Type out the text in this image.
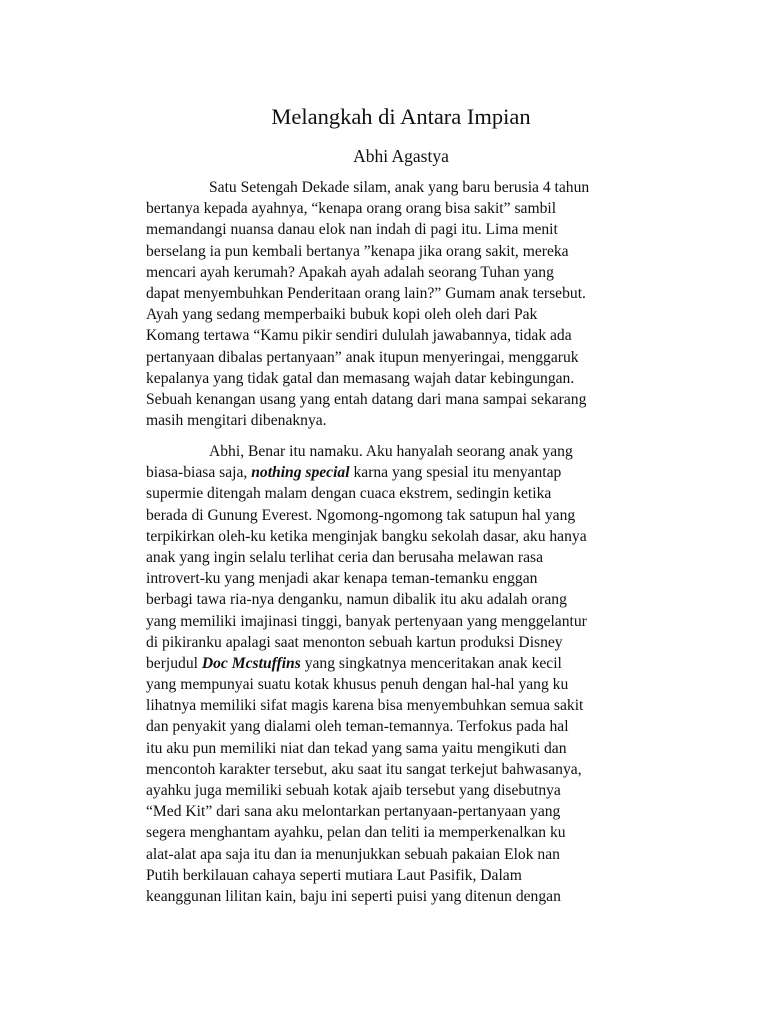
Melangkah di Antara Impian
Abhi Agastya
Satu Setengah Dekade silam, anak yang baru berusia 4 tahun
bertanya kepada ayahnya, “kenapa orang orang bisa sakit” sambil
memandangi nuansa danau elok nan indah di pagi itu. Lima menit
berselang ia pun kembali bertanya ”kenapa jika orang sakit, mereka
mencari ayah kerumah? Apakah ayah adalah seorang Tuhan yang
dapat menyembuhkan Penderitaan orang lain?” Gumam anak tersebut.
Ayah yang sedang memperbaiki bubuk kopi oleh oleh dari Pak
Komang tertawa “Kamu pikir sendiri dululah jawabannya, tidak ada
pertanyaan dibalas pertanyaan” anak itupun menyeringai, menggaruk
kepalanya yang tidak gatal dan memasang wajah datar kebingungan.
Sebuah kenangan usang yang entah datang dari mana sampai sekarang
masih mengitari dibenaknya.
Abhi, Benar itu namaku. Aku hanyalah seorang anak yang
biasa-biasa saja, nothing special karna yang spesial itu menyantap
supermie ditengah malam dengan cuaca ekstrem, sedingin ketika
berada di Gunung Everest. Ngomong-ngomong tak satupun hal yang
terpikirkan oleh-ku ketika menginjak bangku sekolah dasar, aku hanya
anak yang ingin selalu terlihat ceria dan berusaha melawan rasa
introvert-ku yang menjadi akar kenapa teman-temanku enggan
berbagi tawa ria-nya denganku, namun dibalik itu aku adalah orang
yang memiliki imajinasi tinggi, banyak pertenyaan yang menggelantur
di pikiranku apalagi saat menonton sebuah kartun produksi Disney
berjudul Doc Mcstuffins yang singkatnya menceritakan anak kecil
yang mempunyai suatu kotak khusus penuh dengan hal-hal yang ku
lihatnya memiliki sifat magis karena bisa menyembuhkan semua sakit
dan penyakit yang dialami oleh teman-temannya. Terfokus pada hal
itu aku pun memiliki niat dan tekad yang sama yaitu mengikuti dan
mencontoh karakter tersebut, aku saat itu sangat terkejut bahwasanya,
ayahku juga memiliki sebuah kotak ajaib tersebut yang disebutnya
“Med Kit” dari sana aku melontarkan pertanyaan-pertanyaan yang
segera menghantam ayahku, pelan dan teliti ia memperkenalkan ku
alat-alat apa saja itu dan ia menunjukkan sebuah pakaian Elok nan
Putih berkilauan cahaya seperti mutiara Laut Pasifik, Dalam
keanggunan lilitan kain, baju ini seperti puisi yang ditenun dengan
